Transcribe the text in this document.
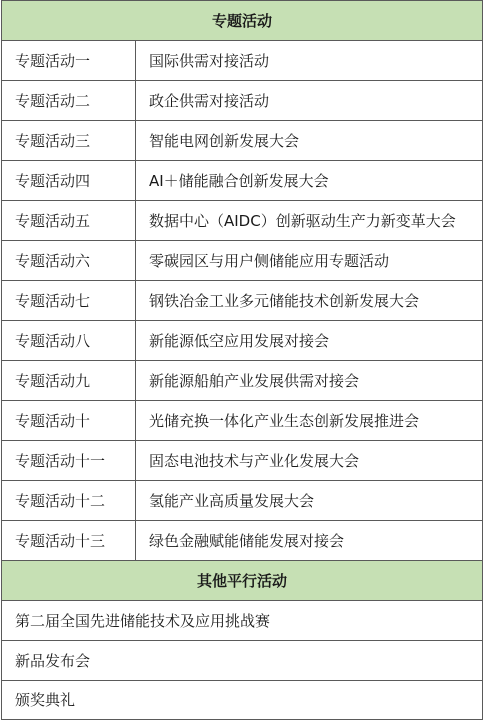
专题活动	
专题活动一	国际供需对接活动
专题活动二	政企供需对接活动
专题活动三	智能电网创新发展大会
专题活动四	AI＋储能融合创新发展大会
专题活动五	数据中心（AIDC）创新驱动生产力新变革大会
专题活动六	零碳园区与用户侧储能应用专题活动
专题活动七	钢铁冶金工业多元储能技术创新发展大会
专题活动八	新能源低空应用发展对接会
专题活动九	新能源船舶产业发展供需对接会
专题活动十	光储充换一体化产业生态创新发展推进会
专题活动十一	固态电池技术与产业化发展大会
专题活动十二	氢能产业高质量发展大会
专题活动十三	绿色金融赋能储能发展对接会
其他平行活动	
第二届全国先进储能技术及应用挑战赛	
新品发布会	
颁奖典礼	
